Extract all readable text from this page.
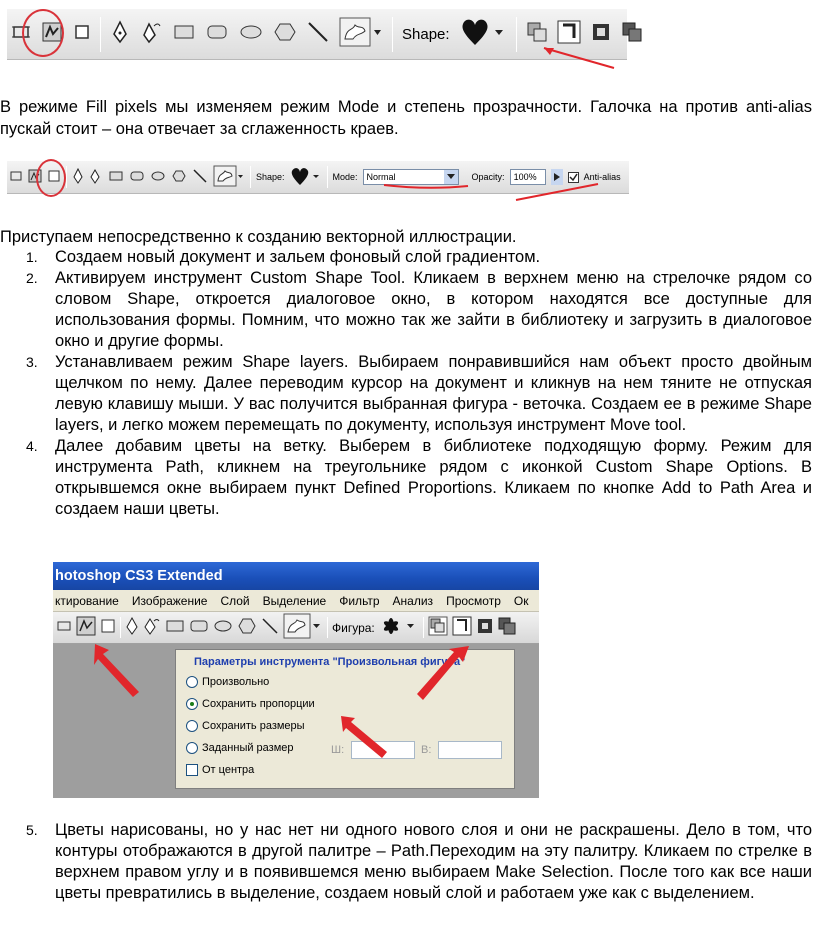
Shape:

В режиме Fill pixels мы изменяем режим Mode и степень прозрачности. Галочка на против anti-alias пускай стоит – она отвечает за сглаженность краев.

Shape:	Mode:	Normal	Opacity:	100%	Anti-alias

Приступаем непосредственно к созданию векторной иллюстрации.

1. Создаем новый документ и зальем фоновый слой градиентом.
2. Активируем инструмент Custom Shape Tool. Кликаем в верхнем меню на стрелочке рядом со словом Shape, откроется диалоговое окно, в котором находятся все доступные для использования формы. Помним, что можно так же зайти в библиотеку и загрузить в диалоговое окно и другие формы.
3. Устанавливаем режим Shape layers. Выбираем понравившийся нам объект просто двойным щелчком по нему. Далее переводим курсор на документ и кликнув на нем тяните не отпуская левую клавишу мыши. У вас получится выбранная фигура - веточка. Создаем ее в режиме Shape layers, и легко можем перемещать по документу, используя инструмент Move tool.
4. Далее добавим цветы на ветку. Выберем в библиотеке подходящую форму. Режим для инструмента Path, кликнем на треугольнике рядом с иконкой Custom Shape Options. В открывшемся окне выбираем пункт Defined Proportions. Кликаем по кнопке Add to Path Area и создаем наши цветы.
hotoshop CS3 Extended
ктирование Изображение Слой Выделение Фильтр Анализ Просмотр Ок
Фигура:
Параметры инструмента "Произвольная фигура"
Произвольно
Сохранить пропорции
Сохранить размеры
Заданный размер
От центра
Ш:	В:
5. Цветы нарисованы, но у нас нет ни одного нового слоя и они не раскрашены. Дело в том, что контуры отображаются в другой палитре – Path.Переходим на эту палитру. Кликаем по стрелке в верхнем правом углу и в появившемся меню выбираем Make Selection. После того как все наши цветы превратились в выделение, создаем новый слой и работаем уже как с выделением.
